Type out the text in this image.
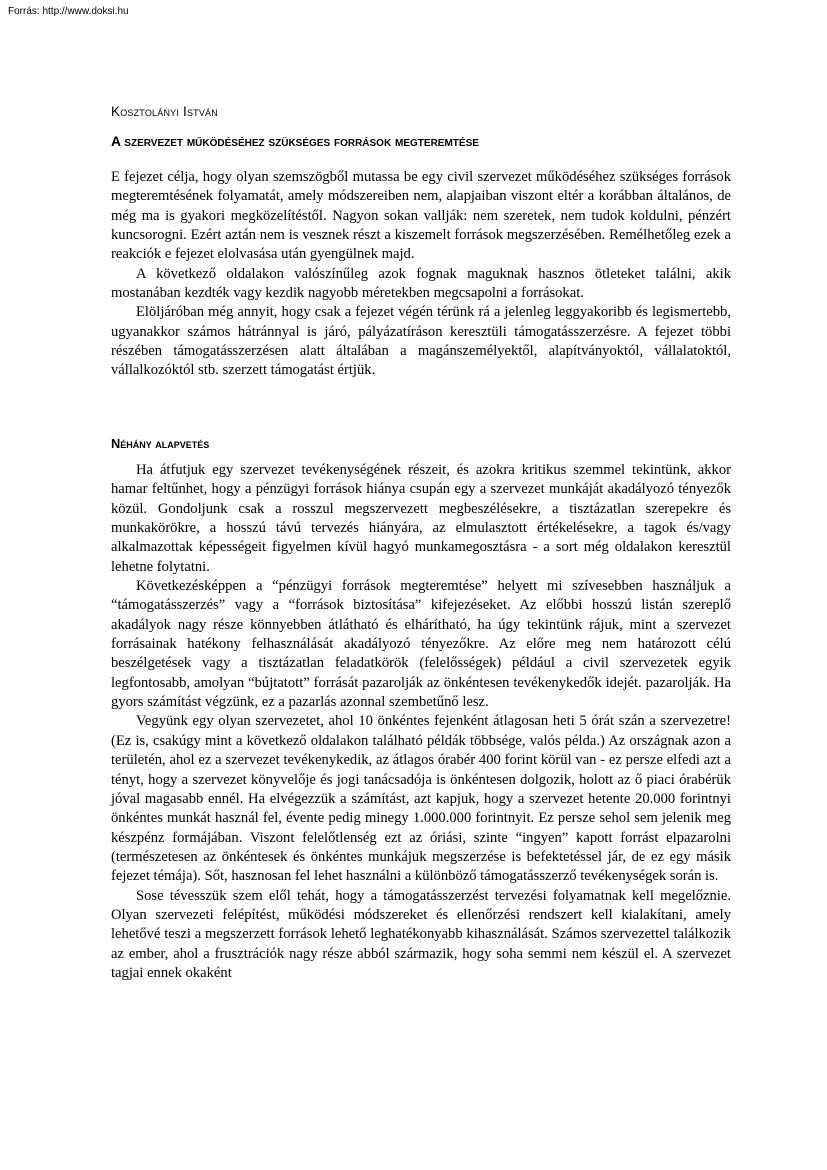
Forrás: http://www.doksi.hu
Kosztolányi István
A szervezet működéséhez szükséges források megteremtése

E fejezet célja, hogy olyan szemszögből mutassa be egy civil szervezet működéséhez szükséges források megteremtésének folyamatát, amely módszereiben nem, alapjaiban viszont eltér a korábban általános, de még ma is gyakori megközelítéstől. Nagyon sokan vallják: nem szeretek, nem tudok koldulni, pénzért kuncsorogni. Ezért aztán nem is vesznek részt a kiszemelt források megszerzésében. Remélhetőleg ezek a reakciók e fejezet elolvasása után gyengülnek majd.

A következő oldalakon valószínűleg azok fognak maguknak hasznos ötleteket találni, akik mostanában kezdték vagy kezdik nagyobb méretekben megcsapolni a forrásokat.

Elöljáróban még annyit, hogy csak a fejezet végén térünk rá a jelenleg leggyakoribb és legismertebb, ugyanakkor számos hátránnyal is járó, pályázatíráson keresztüli támogatásszerzésre. A fejezet többi részében támogatásszerzésen alatt általában a magánszemélyektől, alapítványoktól, vállalatoktól, vállalkozóktól stb. szerzett támogatást értjük.

Néhány alapvetés

Ha átfutjuk egy szervezet tevékenységének részeit, és azokra kritikus szemmel tekintünk, akkor hamar feltűnhet, hogy a pénzügyi források hiánya csupán egy a szervezet munkáját akadályozó tényezők közül. Gondoljunk csak a rosszul megszervezett megbeszélésekre, a tisztázatlan szerepekre és munkakörökre, a hosszú távú tervezés hiányára, az elmulasztott értékelésekre, a tagok és/vagy alkalmazottak képességeit figyelmen kívül hagyó munkamegosztásra - a sort még oldalakon keresztül lehetne folytatni.

Következésképpen a “pénzügyi források megteremtése” helyett mi szívesebben használjuk a “támogatásszerzés” vagy a “források biztosítása” kifejezéseket. Az előbbi hosszú listán szereplő akadályok nagy része könnyebben átlátható és elhárítható, ha úgy tekintünk rájuk, mint a szervezet forrásainak hatékony felhasználását akadályozó tényezőkre. Az előre meg nem határozott célú beszélgetések vagy a tisztázatlan feladatkörök (felelősségek) például a civil szervezetek egyik legfontosabb, amolyan “bújtatott” forrását pazarolják az önkéntesen tevékenykedők idejét. pazarolják. Ha gyors számítást végzünk, ez a pazarlás azonnal szembetűnő lesz.

Vegyünk egy olyan szervezetet, ahol 10 önkéntes fejenként átlagosan heti 5 órát szán a szervezetre! (Ez is, csakúgy mint a következő oldalakon található példák többsége, valós példa.) Az országnak azon a területén, ahol ez a szervezet tevékenykedik, az átlagos órabér 400 forint körül van - ez persze elfedi azt a tényt, hogy a szervezet könyvelője és jogi tanácsadója is önkéntesen dolgozik, holott az ő piaci órabérük jóval magasabb ennél. Ha elvégezzük a számítást, azt kapjuk, hogy a szervezet hetente 20.000 forintnyi önkéntes munkát használ fel, évente pedig minegy 1.000.000 forintnyit. Ez persze sehol sem jelenik meg készpénz formájában. Viszont felelőtlenség ezt az óriási, szinte “ingyen” kapott forrást elpazarolni (természetesen az önkéntesek és önkéntes munkájuk megszerzése is befektetéssel jár, de ez egy másik fejezet témája). Sőt, hasznosan fel lehet használni a különböző támogatásszerző tevékenységek során is.

Sose tévesszük szem elől tehát, hogy a támogatásszerzést tervezési folyamatnak kell megelőznie. Olyan szervezeti felépítést, működési módszereket és ellenőrzési rendszert kell kialakítani, amely lehetővé teszi a megszerzett források lehető leghatékonyabb kihasználását. Számos szervezettel találkozik az ember, ahol a frusztrációk nagy része abból származik, hogy soha semmi nem készül el. A szervezet tagjai ennek okaként
